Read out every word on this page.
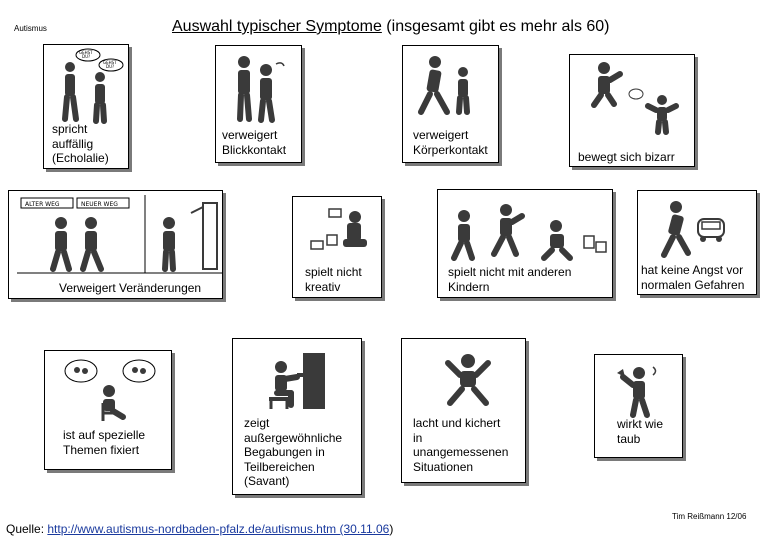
Autismus	Auswahl typischer Symptome (insgesamt gibt es mehr als 60)
GEHST
DU?
GEHST
DU?
spricht
auffällig
(Echolalie)
verweigert
Blickkontakt
verweigert
Körperkontakt
bewegt sich bizarr
ALTER WEG	NEUER WEG
Verweigert Veränderungen
spielt nicht
kreativ
spielt nicht mit anderen
Kindern
hat keine Angst vor
normalen Gefahren
ist auf spezielle
Themen fixiert
zeigt
außergewöhnliche
Begabungen in
Teilbereichen
(Savant)
lacht und kichert
in
unangemessenen
Situationen
wirkt wie
taub
Tim Reißmann 12/06
Quelle: http://www.autismus-nordbaden-pfalz.de/autismus.htm (30.11.06)
